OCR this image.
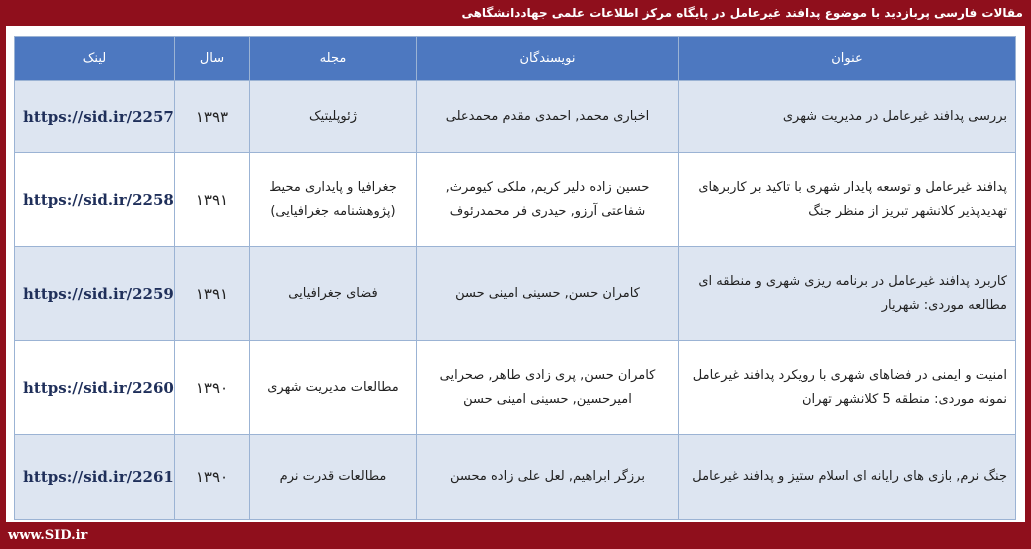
مقالات فارسی پربازدید با موضوع پدافند غیرعامل در پایگاه مرکز اطلاعات علمی جهاددانشگاهی
عنوان	نویسندگان	مجله	سال	لینک
بررسی پدافند غیرعامل در مدیریت شهری	اخباری محمد, احمدی مقدم محمدعلی	ژئوپلیتیک	۱۳۹۳	https://sid.ir/2257
پدافند غیرعامل و توسعه پایدار شهری با تاکید بر کاربرهای تهدیدپذیر کلانشهر تبریز از منظر جنگ	حسین زاده دلیر کریم, ملکی کیومرث, شفاعتی آرزو, حیدری فر محمدرئوف	جغرافیا و پایداری محیط (پژوهشنامه جغرافیایی)	۱۳۹۱	https://sid.ir/2258
کاربرد پدافند غیرعامل در برنامه ریزی شهری و منطقه ای مطالعه موردی: شهریار	کامران حسن, حسینی امینی حسن	فضای جغرافیایی	۱۳۹۱	https://sid.ir/2259
امنیت و ایمنی در فضاهای شهری با رویکرد پدافند غیرعامل نمونه موردی: منطقه 5 کلانشهر تهران	کامران حسن, پری زادی طاهر, صحرایی امیرحسین, حسینی امینی حسن	مطالعات مدیریت شهری	۱۳۹۰	https://sid.ir/2260
جنگ نرم, بازی های رایانه ای اسلام ستیز و پدافند غیرعامل	برزگر ابراهیم, لعل علی زاده محسن	مطالعات قدرت نرم	۱۳۹۰	https://sid.ir/2261
www.SID.ir
